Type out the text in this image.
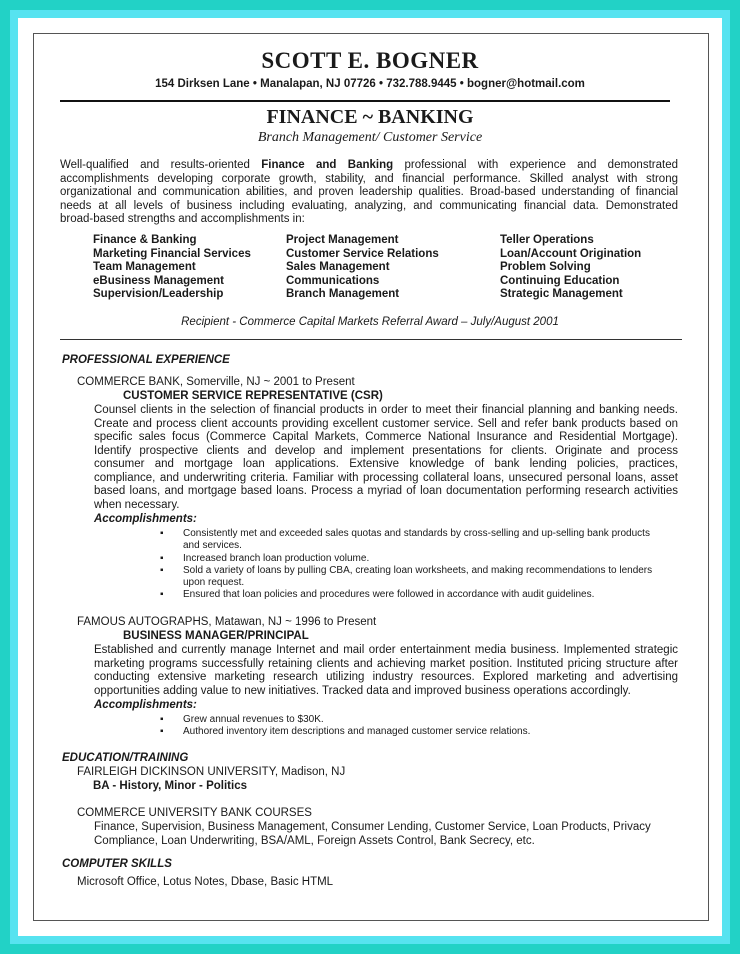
SCOTT E. BOGNER
154 Dirksen Lane • Manalapan, NJ 07726 • 732.788.9445 • bogner@hotmail.com
FINANCE ~ BANKING
Branch Management/ Customer Service
Well-qualified and results-oriented Finance and Banking professional with experience and demonstrated
accomplishments developing corporate growth, stability, and financial performance. Skilled analyst with strong
organizational and communication abilities, and proven leadership qualities. Broad-based understanding of financial
needs at all levels of business including evaluating, analyzing, and communicating financial data. Demonstrated
broad-based strengths and accomplishments in:
Finance & Banking
Marketing Financial Services
Team Management
eBusiness Management
Supervision/Leadership
Project Management
Customer Service Relations
Sales Management
Communications
Branch Management
Teller Operations
Loan/Account Origination
Problem Solving
Continuing Education
Strategic Management
Recipient - Commerce Capital Markets Referral Award – July/August 2001
PROFESSIONAL EXPERIENCE
COMMERCE BANK, Somerville, NJ ~ 2001 to Present
CUSTOMER SERVICE REPRESENTATIVE (CSR)
Counsel clients in the selection of financial products in order to meet their financial planning and banking needs.
Create and process client accounts providing excellent customer service. Sell and refer bank products based on
specific sales focus (Commerce Capital Markets, Commerce National Insurance and Residential Mortgage).
Identify prospective clients and develop and implement presentations for clients. Originate and process
consumer and mortgage loan applications. Extensive knowledge of bank lending policies, practices,
compliance, and underwriting criteria. Familiar with processing collateral loans, unsecured personal loans, asset
based loans, and mortgage based loans. Process a myriad of loan documentation performing research activities
when necessary.
Accomplishments:
▪ Consistently met and exceeded sales quotas and standards by cross-selling and up-selling bank products
and services.
▪ Increased branch loan production volume.
▪ Sold a variety of loans by pulling CBA, creating loan worksheets, and making recommendations to lenders
upon request.
▪ Ensured that loan policies and procedures were followed in accordance with audit guidelines.
FAMOUS AUTOGRAPHS, Matawan, NJ ~ 1996 to Present
BUSINESS MANAGER/PRINCIPAL
Established and currently manage Internet and mail order entertainment media business. Implemented strategic
marketing programs successfully retaining clients and achieving market position. Instituted pricing structure after
conducting extensive marketing research utilizing industry resources. Explored marketing and advertising
opportunities adding value to new initiatives. Tracked data and improved business operations accordingly.
Accomplishments:
▪ Grew annual revenues to $30K.
▪ Authored inventory item descriptions and managed customer service relations.
EDUCATION/TRAINING
FAIRLEIGH DICKINSON UNIVERSITY, Madison, NJ
BA - History, Minor - Politics
COMMERCE UNIVERSITY BANK COURSES
Finance, Supervision, Business Management, Consumer Lending, Customer Service, Loan Products, Privacy
Compliance, Loan Underwriting, BSA/AML, Foreign Assets Control, Bank Secrecy, etc.
COMPUTER SKILLS
Microsoft Office, Lotus Notes, Dbase, Basic HTML
